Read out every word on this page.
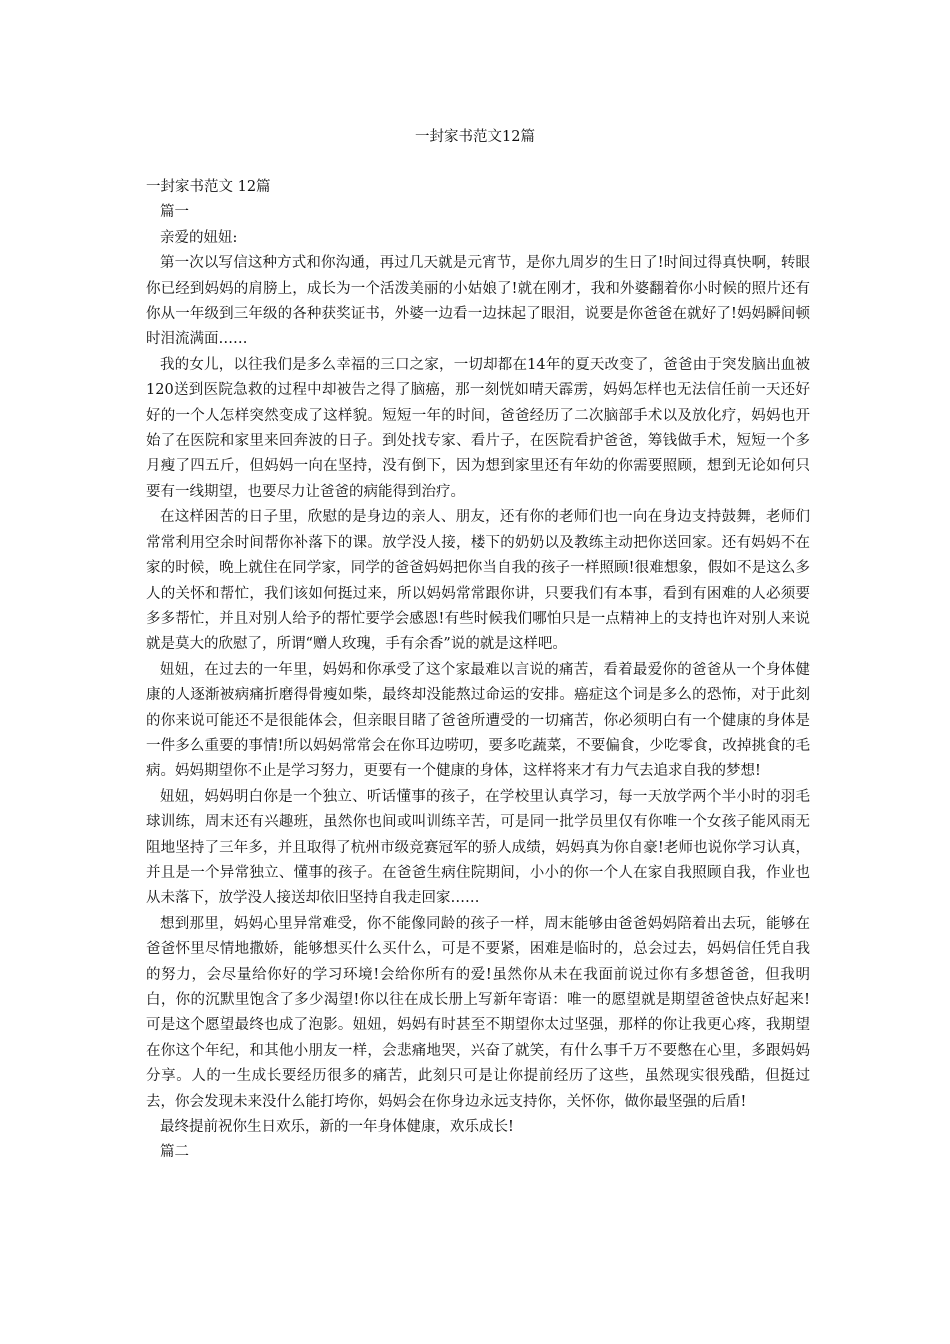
一封家书范文12篇

一封家书范文 12篇

篇一

亲爱的妞妞:

第一次以写信这种方式和你沟通，再过几天就是元宵节，是你九周岁的生日了!时间过得真快啊，转眼你已经到妈妈的肩膀上，成长为一个活泼美丽的小姑娘了!就在刚才，我和外婆翻着你小时候的照片还有你从一年级到三年级的各种获奖证书，外婆一边看一边抹起了眼泪，说要是你爸爸在就好了!妈妈瞬间顿时泪流满面……

我的女儿，以往我们是多么幸福的三口之家，一切却都在14年的夏天改变了，爸爸由于突发脑出血被120送到医院急救的过程中却被告之得了脑癌，那一刻恍如晴天霹雳，妈妈怎样也无法信任前一天还好好的一个人怎样突然变成了这样貌。短短一年的时间，爸爸经历了二次脑部手术以及放化疗，妈妈也开始了在医院和家里来回奔波的日子。到处找专家、看片子，在医院看护爸爸，筹钱做手术，短短一个多月瘦了四五斤，但妈妈一向在坚持，没有倒下，因为想到家里还有年幼的你需要照顾，想到无论如何只要有一线期望，也要尽力让爸爸的病能得到治疗。

在这样困苦的日子里，欣慰的是身边的亲人、朋友，还有你的老师们也一向在身边支持鼓舞，老师们常常利用空余时间帮你补落下的课。放学没人接，楼下的奶奶以及教练主动把你送回家。还有妈妈不在家的时候，晚上就住在同学家，同学的爸爸妈妈把你当自我的孩子一样照顾!很难想象，假如不是这么多人的关怀和帮忙，我们该如何挺过来，所以妈妈常常跟你讲，只要我们有本事，看到有困难的人必须要多多帮忙，并且对别人给予的帮忙要学会感恩!有些时候我们哪怕只是一点精神上的支持也许对别人来说就是莫大的欣慰了，所谓“赠人玫瑰，手有余香”说的就是这样吧。

妞妞，在过去的一年里，妈妈和你承受了这个家最难以言说的痛苦，看着最爱你的爸爸从一个身体健康的人逐渐被病痛折磨得骨瘦如柴，最终却没能熬过命运的安排。癌症这个词是多么的恐怖，对于此刻的你来说可能还不是很能体会，但亲眼目睹了爸爸所遭受的一切痛苦，你必须明白有一个健康的身体是一件多么重要的事情!所以妈妈常常会在你耳边唠叨，要多吃蔬菜，不要偏食，少吃零食，改掉挑食的毛病。妈妈期望你不止是学习努力，更要有一个健康的身体，这样将来才有力气去追求自我的梦想!

妞妞，妈妈明白你是一个独立、听话懂事的孩子，在学校里认真学习，每一天放学两个半小时的羽毛球训练，周末还有兴趣班，虽然你也间或叫训练辛苦，可是同一批学员里仅有你唯一个女孩子能风雨无阻地坚持了三年多，并且取得了杭州市级竞赛冠军的骄人成绩，妈妈真为你自豪!老师也说你学习认真，并且是一个异常独立、懂事的孩子。在爸爸生病住院期间，小小的你一个人在家自我照顾自我，作业也从未落下，放学没人接送却依旧坚持自我走回家……

想到那里，妈妈心里异常难受，你不能像同龄的孩子一样，周末能够由爸爸妈妈陪着出去玩，能够在爸爸怀里尽情地撒娇，能够想买什么买什么，可是不要紧，困难是临时的，总会过去，妈妈信任凭自我的努力，会尽量给你好的学习环境!会给你所有的爱!虽然你从未在我面前说过你有多想爸爸，但我明白，你的沉默里饱含了多少渴望!你以往在成长册上写新年寄语：唯一的愿望就是期望爸爸快点好起来!可是这个愿望最终也成了泡影。妞妞，妈妈有时甚至不期望你太过坚强，那样的你让我更心疼，我期望在你这个年纪，和其他小朋友一样，会悲痛地哭，兴奋了就笑，有什么事千万不要憋在心里，多跟妈妈分享。人的一生成长要经历很多的痛苦，此刻只可是让你提前经历了这些，虽然现实很残酷，但挺过去，你会发现未来没什么能打垮你，妈妈会在你身边永远支持你，关怀你，做你最坚强的后盾!

最终提前祝你生日欢乐，新的一年身体健康，欢乐成长!

篇二
